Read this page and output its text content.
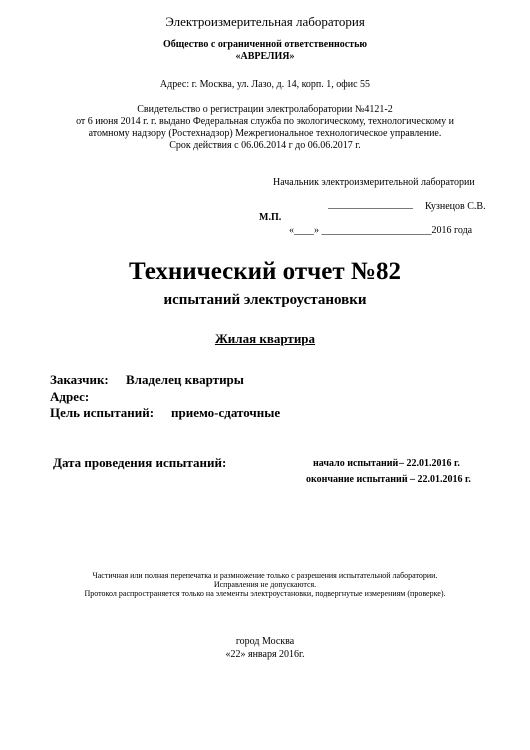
Электроизмерительная лаборатория
Общество с ограниченной ответственностью
«АВРЕЛИЯ»
Адрес: г. Москва, ул. Лазо, д. 14, корп. 1, офис 55
Свидетельство о регистрации электролаборатории №4121-2
от 6 июня 2014 г. г. выдано Федеральная служба по экологическому, технологическому и
атомному надзору (Ростехнадзор) Межрегиональное технологическое управление.
Срок действия с 06.06.2014 г до 06.06.2017 г.
Начальник электроизмерительной лаборатории
_________________ Кузнецов С.В.
М.П.
«____» ______________________2016 года
Технический отчет №82
испытаний электроустановки
Жилая квартира
Заказчик: Владелец квартиры
Адрес:
Цель испытаний: приемо-сдаточные
Дата проведения испытаний:	начало испытаний – 22.01.2016 г.
окончание испытаний – 22.01.2016 г.
Частичная или полная перепечатка и размножение только с разрешения испытательной лаборатории.
Исправления не допускаются.
Протокол распространяется только на элементы электроустановки, подвергнутые измерениям (проверке).
город Москва
«22» января 2016г.
